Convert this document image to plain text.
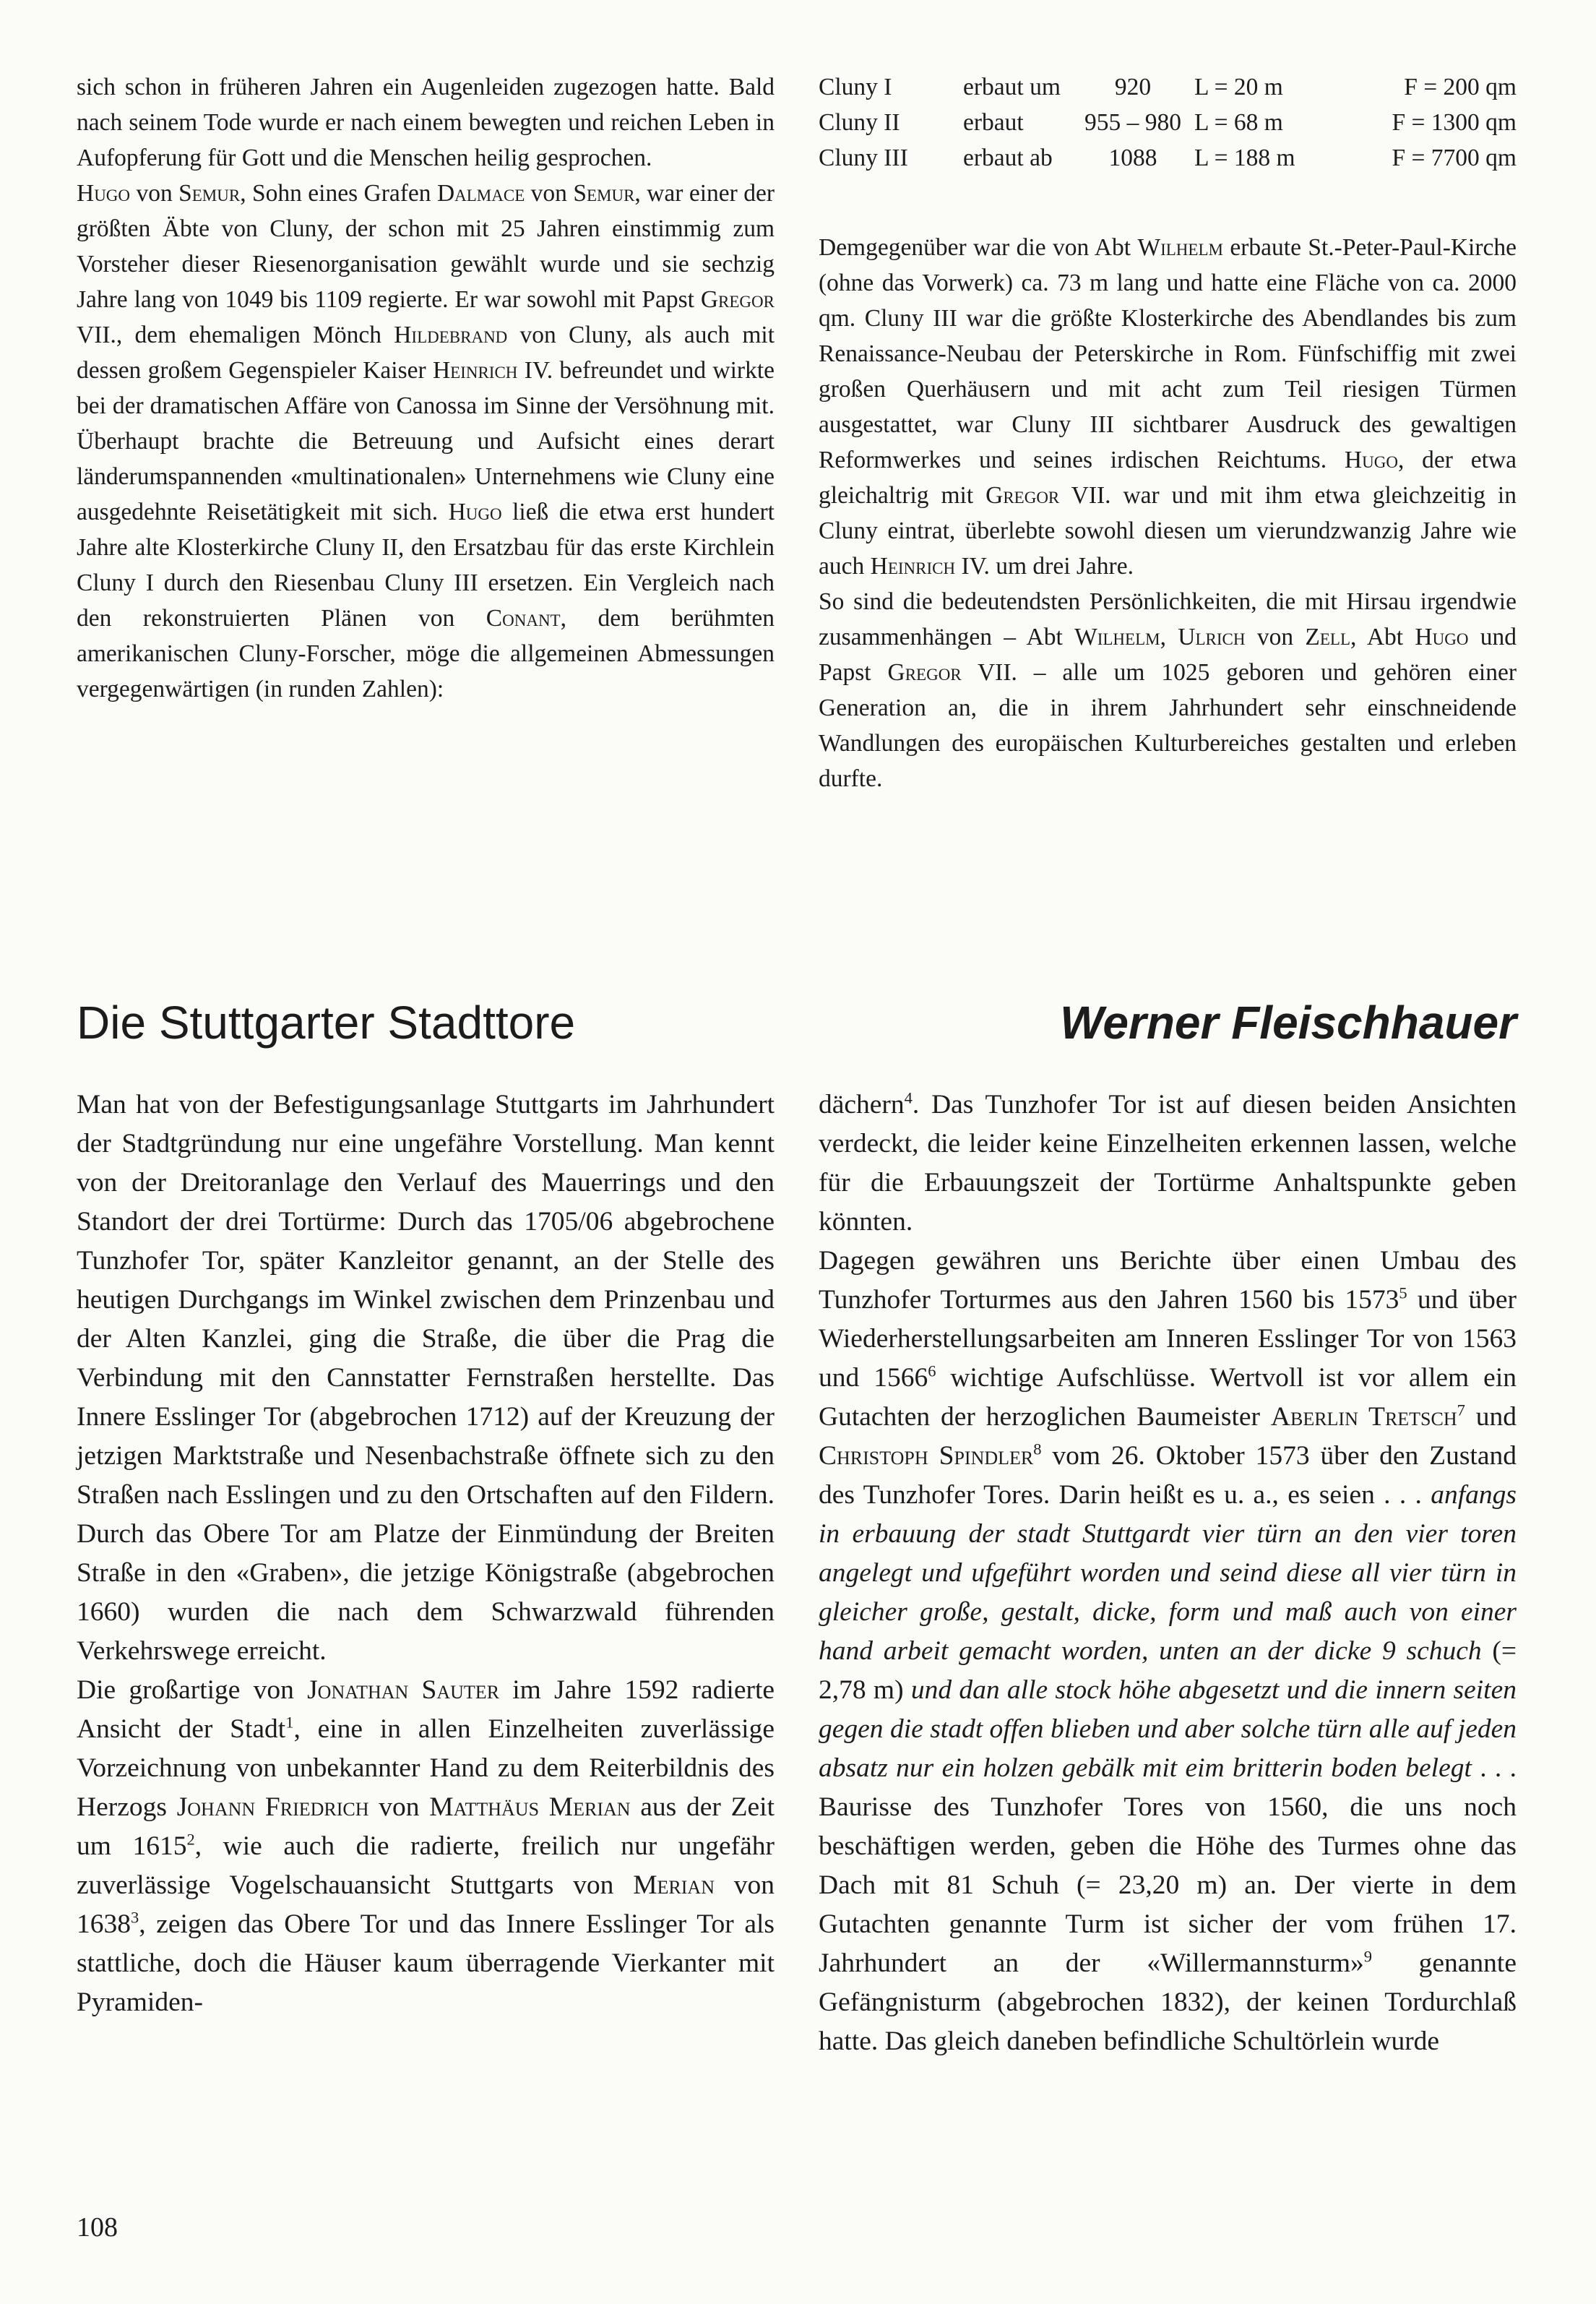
sich schon in früheren Jahren ein Augenleiden zugezogen hatte. Bald nach seinem Tode wurde er nach einem bewegten und reichen Leben in Aufopferung für Gott und die Menschen heilig gesprochen.

Hugo von Semur, Sohn eines Grafen Dalmace von Semur, war einer der größten Äbte von Cluny, der schon mit 25 Jahren einstimmig zum Vorsteher dieser Riesenorganisation gewählt wurde und sie sechzig Jahre lang von 1049 bis 1109 regierte. Er war sowohl mit Papst Gregor VII., dem ehemaligen Mönch Hildebrand von Cluny, als auch mit dessen großem Gegenspieler Kaiser Heinrich IV. befreundet und wirkte bei der dramatischen Affäre von Canossa im Sinne der Versöhnung mit. Überhaupt brachte die Betreuung und Aufsicht eines derart länderumspannenden «multinationalen» Unternehmens wie Cluny eine ausgedehnte Reisetätigkeit mit sich. Hugo ließ die etwa erst hundert Jahre alte Klosterkirche Cluny II, den Ersatzbau für das erste Kirchlein Cluny I durch den Riesenbau Cluny III ersetzen. Ein Vergleich nach den rekonstruierten Plänen von Conant, dem berühmten amerikanischen Cluny-Forscher, möge die allgemeinen Abmessungen vergegenwärtigen (in runden Zahlen):

Cluny I	erbaut um	920	L = 20 m	F = 200 qm
Cluny II	erbaut	955 – 980	L = 68 m	F = 1300 qm
Cluny III	erbaut ab	1088	L = 188 m	F = 7700 qm

Demgegenüber war die von Abt Wilhelm erbaute St.-Peter-Paul-Kirche (ohne das Vorwerk) ca. 73 m lang und hatte eine Fläche von ca. 2000 qm. Cluny III war die größte Klosterkirche des Abendlandes bis zum Renaissance-Neubau der Peterskirche in Rom. Fünfschiffig mit zwei großen Querhäusern und mit acht zum Teil riesigen Türmen ausgestattet, war Cluny III sichtbarer Ausdruck des gewaltigen Reformwerkes und seines irdischen Reichtums. Hugo, der etwa gleichaltrig mit Gregor VII. war und mit ihm etwa gleichzeitig in Cluny eintrat, überlebte sowohl diesen um vierundzwanzig Jahre wie auch Heinrich IV. um drei Jahre.

So sind die bedeutendsten Persönlichkeiten, die mit Hirsau irgendwie zusammenhängen – Abt Wilhelm, Ulrich von Zell, Abt Hugo und Papst Gregor VII. – alle um 1025 geboren und gehören einer Generation an, die in ihrem Jahrhundert sehr einschneidende Wandlungen des europäischen Kulturbereiches gestalten und erleben durfte.

Die Stuttgarter Stadttore	Werner Fleischhauer

Man hat von der Befestigungsanlage Stuttgarts im Jahrhundert der Stadtgründung nur eine ungefähre Vorstellung. Man kennt von der Dreitoranlage den Verlauf des Mauerrings und den Standort der drei Tortürme: Durch das 1705/06 abgebrochene Tunzhofer Tor, später Kanzleitor genannt, an der Stelle des heutigen Durchgangs im Winkel zwischen dem Prinzenbau und der Alten Kanzlei, ging die Straße, die über die Prag die Verbindung mit den Cannstatter Fernstraßen herstellte. Das Innere Esslinger Tor (abgebrochen 1712) auf der Kreuzung der jetzigen Marktstraße und Nesenbachstraße öffnete sich zu den Straßen nach Esslingen und zu den Ortschaften auf den Fildern. Durch das Obere Tor am Platze der Einmündung der Breiten Straße in den «Graben», die jetzige Königstraße (abgebrochen 1660) wurden die nach dem Schwarzwald führenden Verkehrswege erreicht.

Die großartige von Jonathan Sauter im Jahre 1592 radierte Ansicht der Stadt$^1$, eine in allen Einzelheiten zuverlässige Vorzeichnung von unbekannter Hand zu dem Reiterbildnis des Herzogs Johann Friedrich von Matthäus Merian aus der Zeit um 1615$^2$, wie auch die radierte, freilich nur ungefähr zuverlässige Vogelschauansicht Stuttgarts von Merian von 1638$^3$, zeigen das Obere Tor und das Innere Esslinger Tor als stattliche, doch die Häuser kaum überragende Vierkanter mit Pyramiden-

dächern$^4$. Das Tunzhofer Tor ist auf diesen beiden Ansichten verdeckt, die leider keine Einzelheiten erkennen lassen, welche für die Erbauungszeit der Tortürme Anhaltspunkte geben könnten.

Dagegen gewähren uns Berichte über einen Umbau des Tunzhofer Torturmes aus den Jahren 1560 bis 1573$^5$ und über Wiederherstellungsarbeiten am Inneren Esslinger Tor von 1563 und 1566$^6$ wichtige Aufschlüsse. Wertvoll ist vor allem ein Gutachten der herzoglichen Baumeister Aberlin Tretsch$^7$ und Christoph Spindler$^8$ vom 26. Oktober 1573 über den Zustand des Tunzhofer Tores. Darin heißt es u. a., es seien . . . anfangs in erbauung der stadt Stuttgardt vier türn an den vier toren angelegt und ufgeführt worden und seind diese all vier türn in gleicher große, gestalt, dicke, form und maß auch von einer hand arbeit gemacht worden, unten an der dicke 9 schuch (= 2,78 m) und dan alle stock höhe abgesetzt und die innern seiten gegen die stadt offen blieben und aber solche türn alle auf jeden absatz nur ein holzen gebälk mit eim britterin boden belegt . . . Baurisse des Tunzhofer Tores von 1560, die uns noch beschäftigen werden, geben die Höhe des Turmes ohne das Dach mit 81 Schuh (= 23,20 m) an. Der vierte in dem Gutachten genannte Turm ist sicher der vom frühen 17. Jahrhundert an der «Willermannsturm»$^9$ genannte Gefängnisturm (abgebrochen 1832), der keinen Tordurchlaß hatte. Das gleich daneben befindliche Schultörlein wurde

108
